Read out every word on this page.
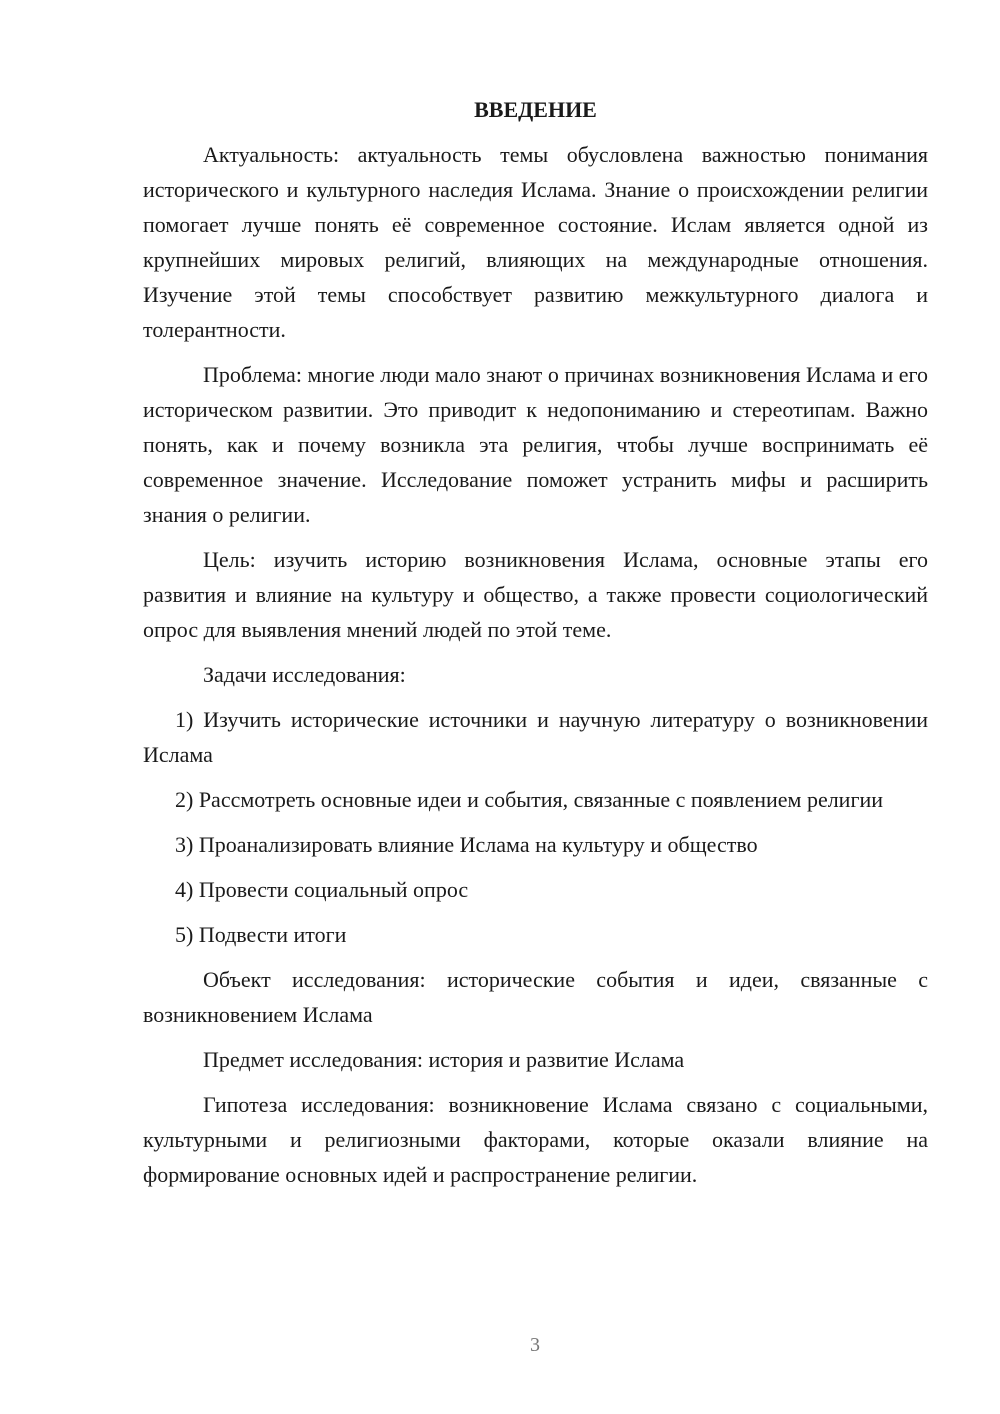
ВВЕДЕНИЕ

Актуальность: актуальность темы обусловлена важностью понимания исторического и культурного наследия Ислама. Знание о происхождении религии помогает лучше понять её современное состояние. Ислам является одной из крупнейших мировых религий, влияющих на международные отношения. Изучение этой темы способствует развитию межкультурного диалога и толерантности.

Проблема: многие люди мало знают о причинах возникновения Ислама и его историческом развитии. Это приводит к недопониманию и стереотипам. Важно понять, как и почему возникла эта религия, чтобы лучше воспринимать её современное значение. Исследование поможет устранить мифы и расширить знания о религии.

Цель: изучить историю возникновения Ислама, основные этапы его развития и влияние на культуру и общество, а также провести социологический опрос для выявления мнений людей по этой теме.

Задачи исследования:

1) Изучить исторические источники и научную литературу о возникновении Ислама

2) Рассмотреть основные идеи и события, связанные с появлением религии

3) Проанализировать влияние Ислама на культуру и общество

4) Провести социальный опрос

5) Подвести итоги

Объект исследования: исторические события и идеи, связанные с возникновением Ислама

Предмет исследования: история и развитие Ислама

Гипотеза исследования: возникновение Ислама связано с социальными, культурными и религиозными факторами, которые оказали влияние на формирование основных идей и распространение религии.

3
